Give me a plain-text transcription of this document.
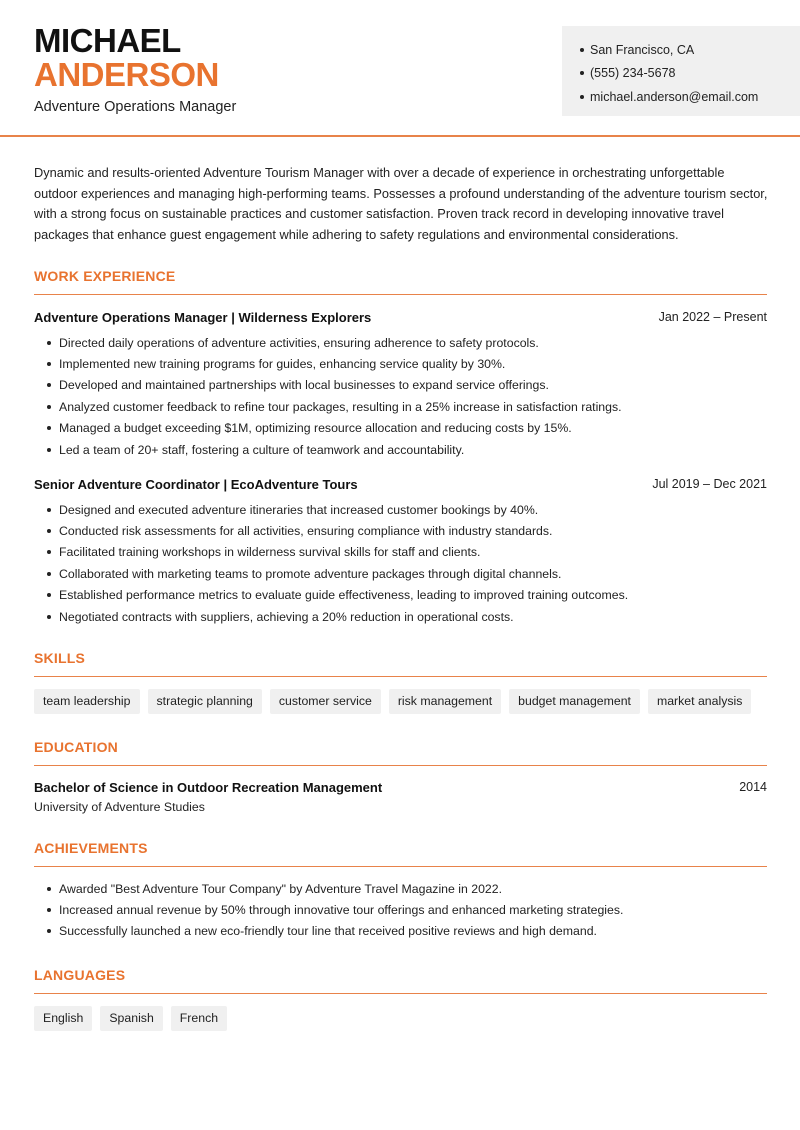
MICHAEL
ANDERSON
Adventure Operations Manager
San Francisco, CA
(555) 234-5678
michael.anderson@email.com

Dynamic and results-oriented Adventure Tourism Manager with over a decade of experience in orchestrating unforgettable outdoor experiences and managing high-performing teams. Possesses a profound understanding of the adventure tourism sector, with a strong focus on sustainable practices and customer satisfaction. Proven track record in developing innovative travel packages that enhance guest engagement while adhering to safety regulations and environmental considerations.

WORK EXPERIENCE
Adventure Operations Manager | Wilderness Explorers	Jan 2022 – Present
Directed daily operations of adventure activities, ensuring adherence to safety protocols.
Implemented new training programs for guides, enhancing service quality by 30%.
Developed and maintained partnerships with local businesses to expand service offerings.
Analyzed customer feedback to refine tour packages, resulting in a 25% increase in satisfaction ratings.
Managed a budget exceeding $1M, optimizing resource allocation and reducing costs by 15%.
Led a team of 20+ staff, fostering a culture of teamwork and accountability.
Senior Adventure Coordinator | EcoAdventure Tours	Jul 2019 – Dec 2021
Designed and executed adventure itineraries that increased customer bookings by 40%.
Conducted risk assessments for all activities, ensuring compliance with industry standards.
Facilitated training workshops in wilderness survival skills for staff and clients.
Collaborated with marketing teams to promote adventure packages through digital channels.
Established performance metrics to evaluate guide effectiveness, leading to improved training outcomes.
Negotiated contracts with suppliers, achieving a 20% reduction in operational costs.
SKILLS
team leadership	strategic planning	customer service	risk management	budget management	market analysis
EDUCATION
Bachelor of Science in Outdoor Recreation Management	2014
University of Adventure Studies
ACHIEVEMENTS
Awarded "Best Adventure Tour Company" by Adventure Travel Magazine in 2022.
Increased annual revenue by 50% through innovative tour offerings and enhanced marketing strategies.
Successfully launched a new eco-friendly tour line that received positive reviews and high demand.
LANGUAGES
English	Spanish	French
